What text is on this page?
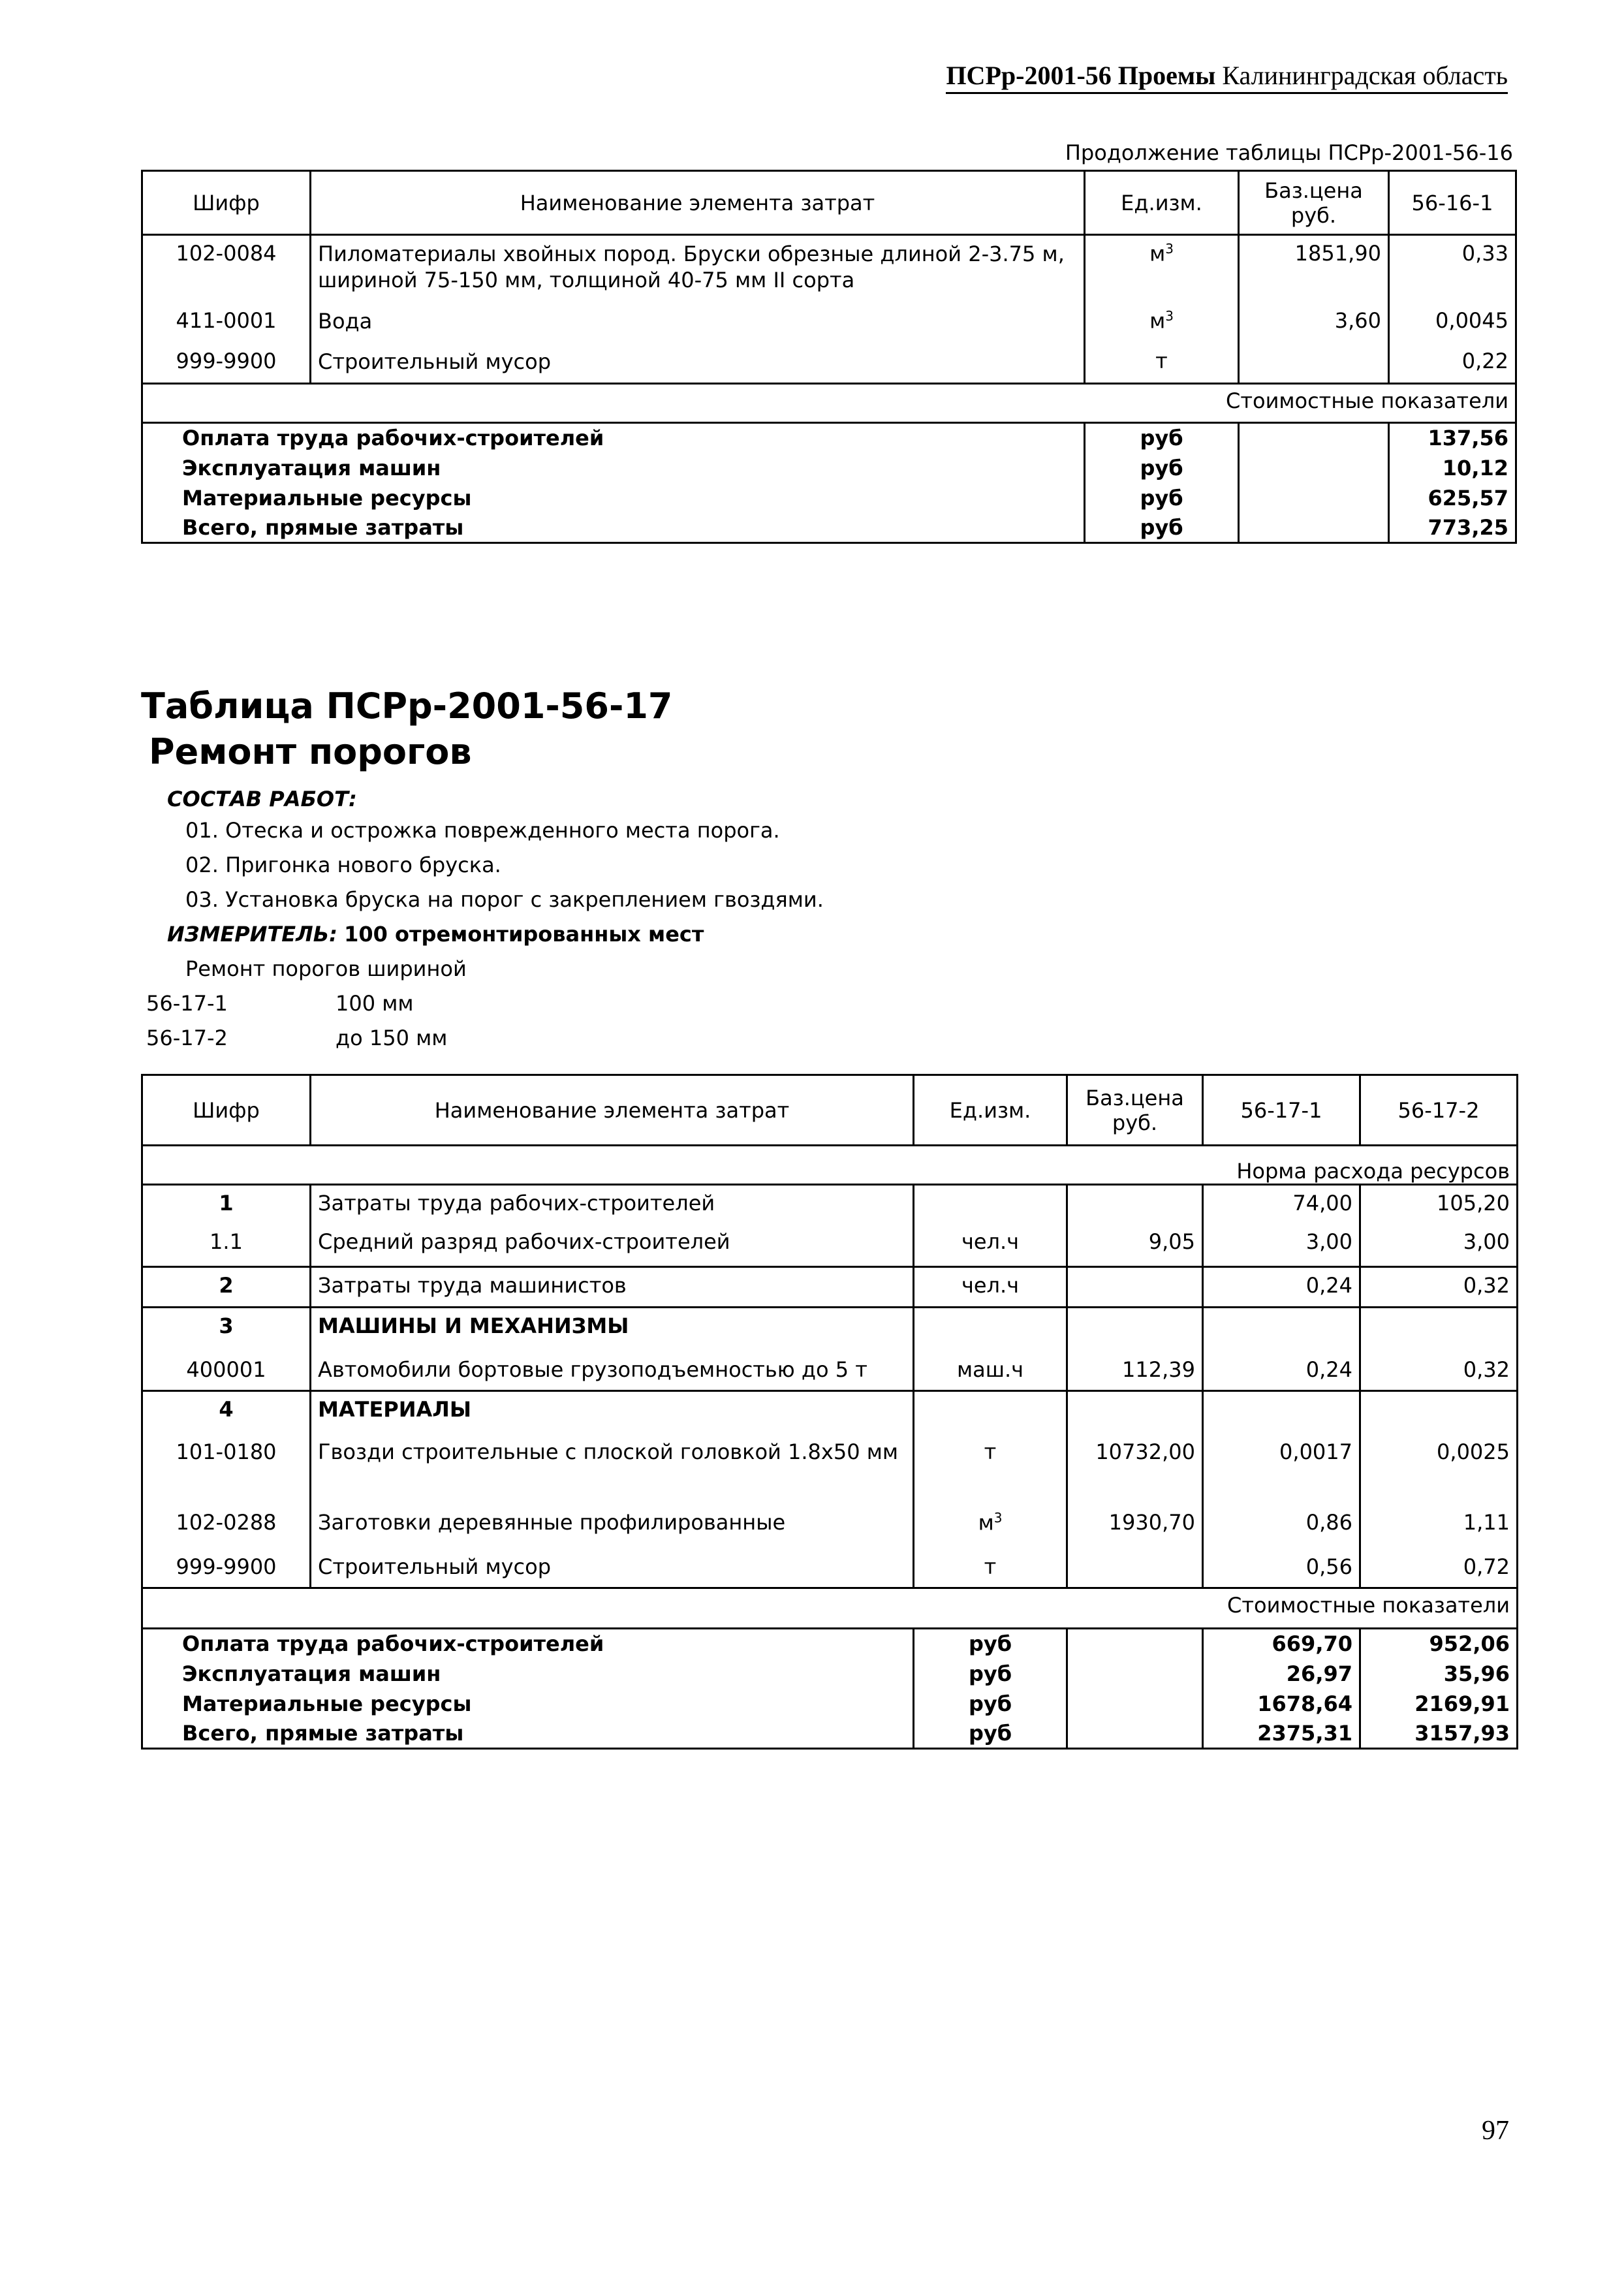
ПСРр-2001-56 Проемы Калининградская область
Продолжение таблицы ПСРр-2001-56-16
Шифр	Наименование элемента затрат	Ед.изм.	Баз.цена руб.	56-16-1
102-0084	Пиломатериалы хвойных пород. Бруски обрезные длиной 2-3.75 м, шириной 75-150 мм, толщиной 40-75 мм II сорта	$м^3$	1851,90	0,33
411-0001	Вода	$м^3$	3,60	0,0045
999-9900	Строительный мусор	т		0,22
Стоимостные показатели				
Оплата труда рабочих-строителей		руб		137,56
Эксплуатация машин		руб		10,12
Материальные ресурсы		руб		625,57
Всего, прямые затраты		руб		773,25
Таблица ПСРр-2001-56-17
Ремонт порогов
СОСТАВ РАБОТ:
01. Отеска и острожка поврежденного места порога.
02. Пригонка нового бруска.
03. Установка бруска на порог с закреплением гвоздями.
ИЗМЕРИТЕЛЬ: 100 отремонтированных мест
Ремонт порогов шириной
56-17-1	100 мм
56-17-2	до 150 мм
Шифр	Наименование элемента затрат	Ед.изм.	Баз.цена руб.	56-17-1	56-17-2
Норма расхода ресурсов					
1	Затраты труда рабочих-строителей			74,00	105,20
1.1	Средний разряд рабочих-строителей	чел.ч	9,05	3,00	3,00
2	Затраты труда машинистов	чел.ч		0,24	0,32
3	МАШИНЫ И МЕХАНИЗМЫ				
400001	Автомобили бортовые грузоподъемностью до 5 т	маш.ч	112,39	0,24	0,32
4	МАТЕРИАЛЫ				
101-0180	Гвозди строительные с плоской головкой 1.8x50 мм	т	10732,00	0,0017	0,0025
102-0288	Заготовки деревянные профилированные	$м^3$	1930,70	0,86	1,11
999-9900	Строительный мусор	т		0,56	0,72
Стоимостные показатели					
Оплата труда рабочих-строителей		руб		669,70	952,06
Эксплуатация машин		руб		26,97	35,96
Материальные ресурсы		руб		1678,64	2169,91
Всего, прямые затраты		руб		2375,31	3157,93
97
